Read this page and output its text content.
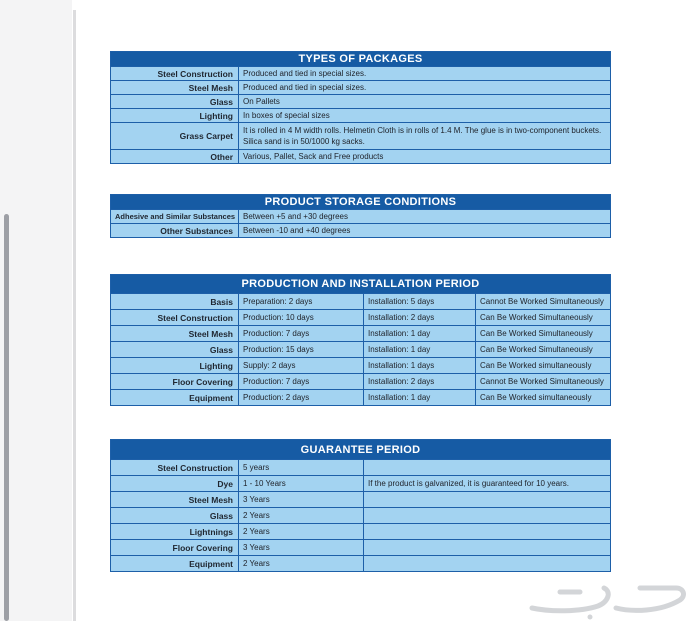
TYPES OF PACKAGES	
Steel Construction	Produced and tied in special sizes.
Steel Mesh	Produced and tied in special sizes.
Glass	On Pallets
Lighting	In boxes of special sizes
Grass Carpet	It is rolled in 4 M width rolls. Helmetin Cloth is in rolls of 1.4 M. The glue is in two-component buckets. Silica sand is in 50/1000 kg sacks.
Other	Various, Pallet, Sack and Free products
PRODUCT STORAGE CONDITIONS	
Adhesive and Similar Substances	Between +5 and +30 degrees
Other Substances	Between -10 and +40 degrees
PRODUCTION AND INSTALLATION PERIOD			
Basis	Preparation: 2 days	Installation: 5 days	Cannot Be Worked Simultaneously
Steel Construction	Production: 10 days	Installation: 2 days	Can Be Worked Simultaneously
Steel Mesh	Production: 7 days	Installation: 1 day	Can Be Worked Simultaneously
Glass	Production: 15 days	Installation: 1 day	Can Be Worked Simultaneously
Lighting	Supply: 2 days	Installation: 1 days	Can Be Worked simultaneously
Floor Covering	Production: 7 days	Installation: 2 days	Cannot Be Worked Simultaneously
Equipment	Production: 2 days	Installation: 1 day	Can Be Worked simultaneously
GUARANTEE PERIOD		
Steel Construction	5 years	
Dye	1 - 10 Years	If the product is galvanized, it is guaranteed for 10 years.
Steel Mesh	3 Years	
Glass	2 Years	
Lightnings	2 Years	
Floor Covering	3 Years	
Equipment	2 Years	
